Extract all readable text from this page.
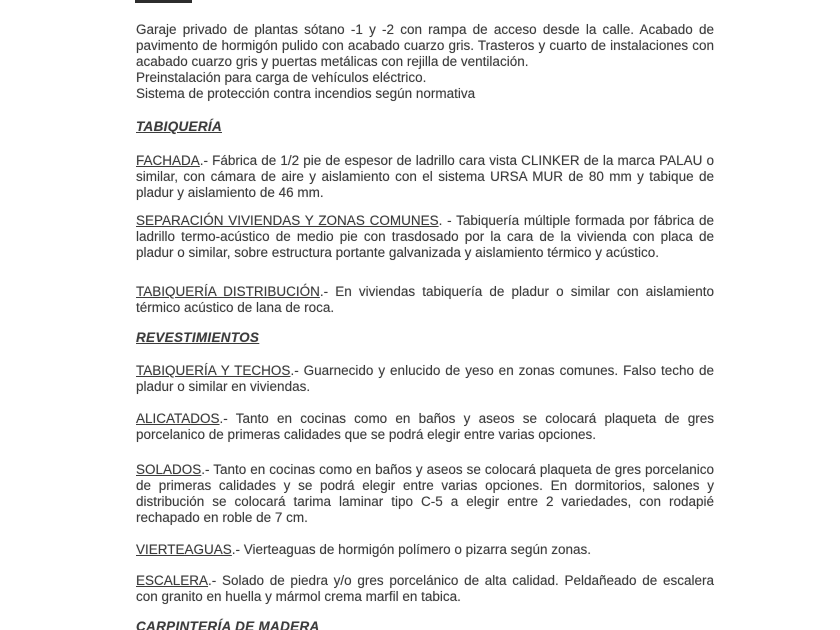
Garaje privado de plantas sótano -1 y -2 con rampa de acceso desde la calle. Acabado de pavimento de hormigón pulido con acabado cuarzo gris. Trasteros y cuarto de instalaciones con acabado cuarzo gris y puertas metálicas con rejilla de ventilación.

Preinstalación para carga de vehículos eléctrico.

Sistema de protección contra incendios según normativa

TABIQUERÍA

FACHADA.- Fábrica de 1/2 pie de espesor de ladrillo cara vista CLINKER de la marca PALAU o similar, con cámara de aire y aislamiento con el sistema URSA MUR de 80 mm y tabique de pladur y aislamiento de 46 mm.

SEPARACIÓN VIVIENDAS Y ZONAS COMUNES. - Tabiquería múltiple formada por fábrica de ladrillo termo-acústico de medio pie con trasdosado por la cara de la vivienda con placa de pladur o similar, sobre estructura portante galvanizada y aislamiento térmico y acústico.

TABIQUERÍA DISTRIBUCIÓN.- En viviendas tabiquería de pladur o similar con aislamiento térmico acústico de lana de roca.

REVESTIMIENTOS

TABIQUERÍA Y TECHOS.- Guarnecido y enlucido de yeso en zonas comunes. Falso techo de pladur o similar en viviendas.

ALICATADOS.- Tanto en cocinas como en baños y aseos se colocará plaqueta de gres porcelanico de primeras calidades que se podrá elegir entre varias opciones.

SOLADOS.- Tanto en cocinas como en baños y aseos se colocará plaqueta de gres porcelanico de primeras calidades y se podrá elegir entre varias opciones. En dormitorios, salones y distribución se colocará tarima laminar tipo C-5 a elegir entre 2 variedades, con rodapié rechapado en roble de 7 cm.

VIERTEAGUAS.- Vierteaguas de hormigón polímero o pizarra según zonas.

ESCALERA.- Solado de piedra y/o gres porcelánico de alta calidad. Peldañeado de escalera con granito en huella y mármol crema marfil en tabica.

CARPINTERÍA DE MADERA
